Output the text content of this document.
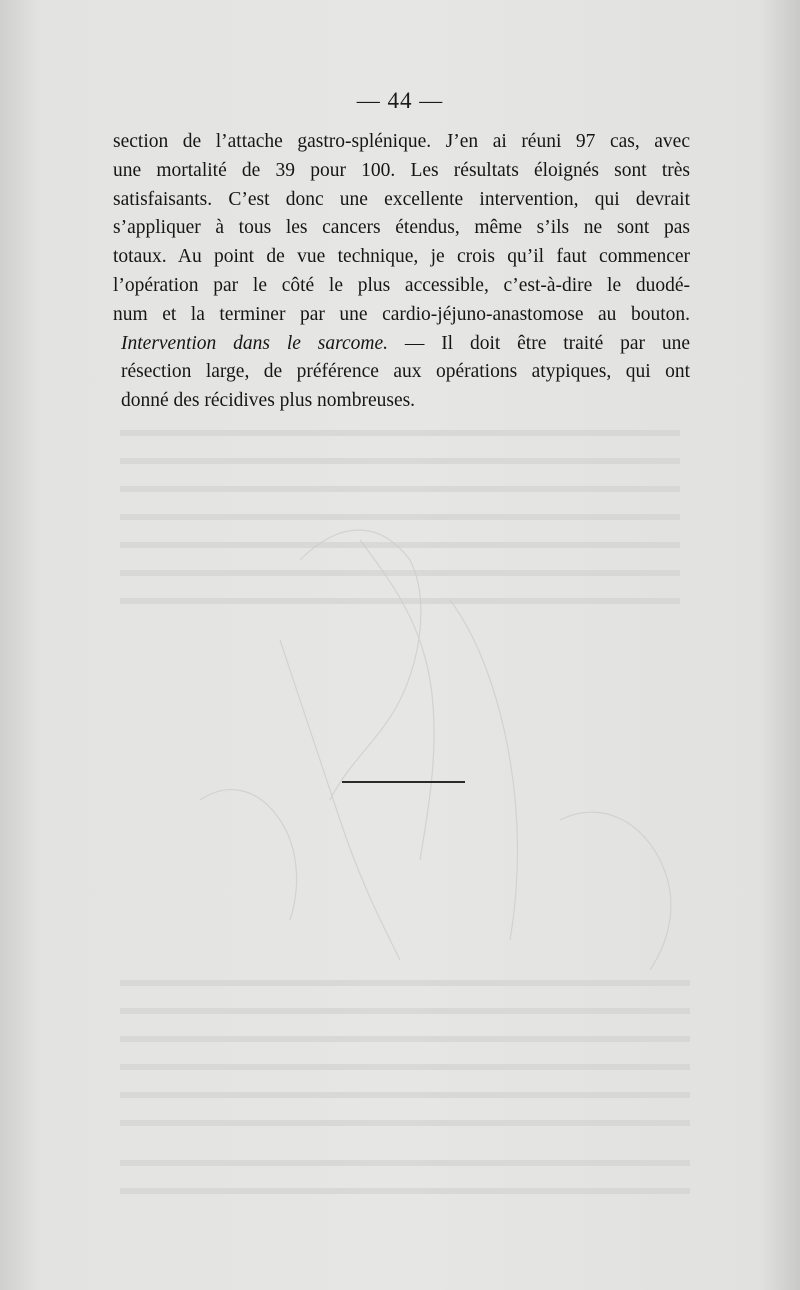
— 44 —

section de l’attache gastro-splénique. J’en ai réuni 97 cas, avec
une mortalité de 39 pour 100. Les résultats éloignés sont très
satisfaisants. C’est donc une excellente intervention, qui devrait
s’appliquer à tous les cancers étendus, même s’ils ne sont pas
totaux. Au point de vue technique, je crois qu’il faut commencer
l’opération par le côté le plus accessible, c’est-à-dire le duodé-
num et la terminer par une cardio-jéjuno-anastomose au bouton.

Intervention dans le sarcome. — Il doit être traité par une
résection large, de préférence aux opérations atypiques, qui ont
donné des récidives plus nombreuses.
